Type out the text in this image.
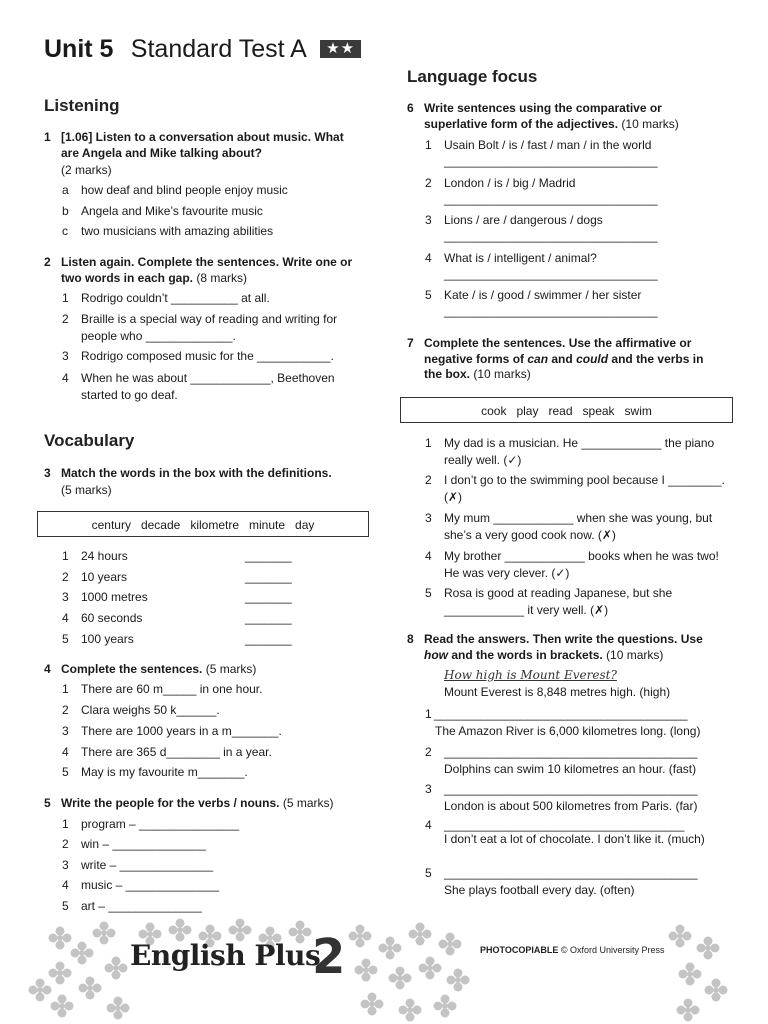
Unit 5 Standard Test A ★★
Listening
1 [1.06] Listen to a conversation about music. What are Angela and Mike talking about?
(2 marks)
a how deaf and blind people enjoy music
b Angela and Mike’s favourite music
c two musicians with amazing abilities
2 Listen again. Complete the sentences. Write one or two words in each gap. (8 marks)
1 Rodrigo couldn’t __________ at all.
2 Braille is a special way of reading and writing for people who _____________.
3 Rodrigo composed music for the ___________.
4 When he was about ____________, Beethoven started to go deaf.
Vocabulary
3 Match the words in the box with the definitions.
(5 marks)
century decade kilometre minute day
1 24 hours	_______
2 10 years	_______
3 1000 metres	_______
4 60 seconds	_______
5 100 years	_______
4 Complete the sentences. (5 marks)
1 There are 60 m_____ in one hour.
2 Clara weighs 50 k______.
3 There are 1000 years in a m_______.
4 There are 365 d________ in a year.
5 May is my favourite m_______.
5 Write the people for the verbs / nouns. (5 marks)
1 program – _______________
2 win – ______________
3 write – ______________
4 music – ______________
5 art – ______________
Language focus
6 Write sentences using the comparative or superlative form of the adjectives. (10 marks)
1 Usain Bolt / is / fast / man / in the world
________________________________
2 London / is / big / Madrid
________________________________
3 Lions / are / dangerous / dogs
________________________________
4 What is / intelligent / animal?
________________________________
5 Kate / is / good / swimmer / her sister
________________________________
7 Complete the sentences. Use the affirmative or negative forms of can and could and the verbs in the box. (10 marks)
cook play read speak swim
1 My dad is a musician. He ____________ the piano really well. (✓)
2 I don’t go to the swimming pool because I ________. (✗)
3 My mum ____________ when she was young, but she’s a very good cook now. (✗)
4 My brother ____________ books when he was two! He was very clever. (✓)
5 Rosa is good at reading Japanese, but she ____________ it very well. (✗)
8 Read the answers. Then write the questions. Use how and the words in brackets. (10 marks)
How high is Mount Everest?
Mount Everest is 8,848 metres high. (high)
1 ______________________________________
The Amazon River is 6,000 kilometres long. (long)
2 ______________________________________
Dolphins can swim 10 kilometres an hour. (fast)
3 ______________________________________
London is about 500 kilometres from Paris. (far)
4 ____________________________________
I don’t eat a lot of chocolate. I don’t like it. (much)
5 ______________________________________
She plays football every day. (often)
English Plus
2	PHOTOCOPIABLE © Oxford University Press
